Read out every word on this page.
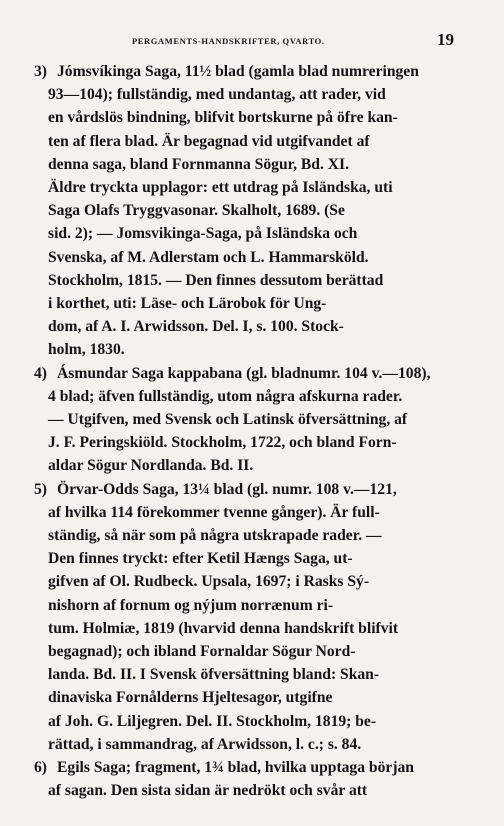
PERGAMENTS-HANDSKRIFTER, QVARTO.	19
3) Jómsvíkinga Saga, 11½ blad (gamla blad numreringen
93—104); fullständig, med undantag, att rader, vid
en vårdslös bindning, blifvit bortskurne på öfre kan-
ten af flera blad. Är begagnad vid utgifvandet af
denna saga, bland Fornmanna Sögur, Bd. XI.
Äldre tryckta upplagor: ett utdrag på Isländska, uti
Saga Olafs Tryggvasonar. Skalholt, 1689. (Se
sid. 2); — Jomsvikinga-Saga, på Isländska och
Svenska, af M. Adlerstam och L. Hammarsköld.
Stockholm, 1815. — Den finnes dessutom berättad
i korthet, uti: Läse- och Lärobok för Ung-
dom, af A. I. Arwidsson. Del. I, s. 100. Stock-
holm, 1830.
4) Ásmundar Saga kappabana (gl. bladnumr. 104 v.—108),
4 blad; äfven fullständig, utom några afskurna rader.
— Utgifven, med Svensk och Latinsk öfversättning, af
J. F. Peringskiöld. Stockholm, 1722, och bland Forn-
aldar Sögur Nordlanda. Bd. II.
5) Örvar-Odds Saga, 13¼ blad (gl. numr. 108 v.—121,
af hvilka 114 förekommer tvenne gånger). Är full-
ständig, så när som på några utskrapade rader. —
Den finnes tryckt: efter Ketil Hængs Saga, ut-
gifven af Ol. Rudbeck. Upsala, 1697; i Rasks Sý-
nishorn af fornum og nýjum norrænum ri-
tum. Holmiæ, 1819 (hvarvid denna handskrift blifvit
begagnad); och ibland Fornaldar Sögur Nord-
landa. Bd. II. I Svensk öfversättning bland: Skan-
dinaviska Fornålderns Hjeltesagor, utgifne
af Joh. G. Liljegren. Del. II. Stockholm, 1819; be-
rättad, i sammandrag, af Arwidsson, l. c.; s. 84.
6) Egils Saga; fragment, 1¾ blad, hvilka upptaga början
af sagan. Den sista sidan är nedrökt och svår att
